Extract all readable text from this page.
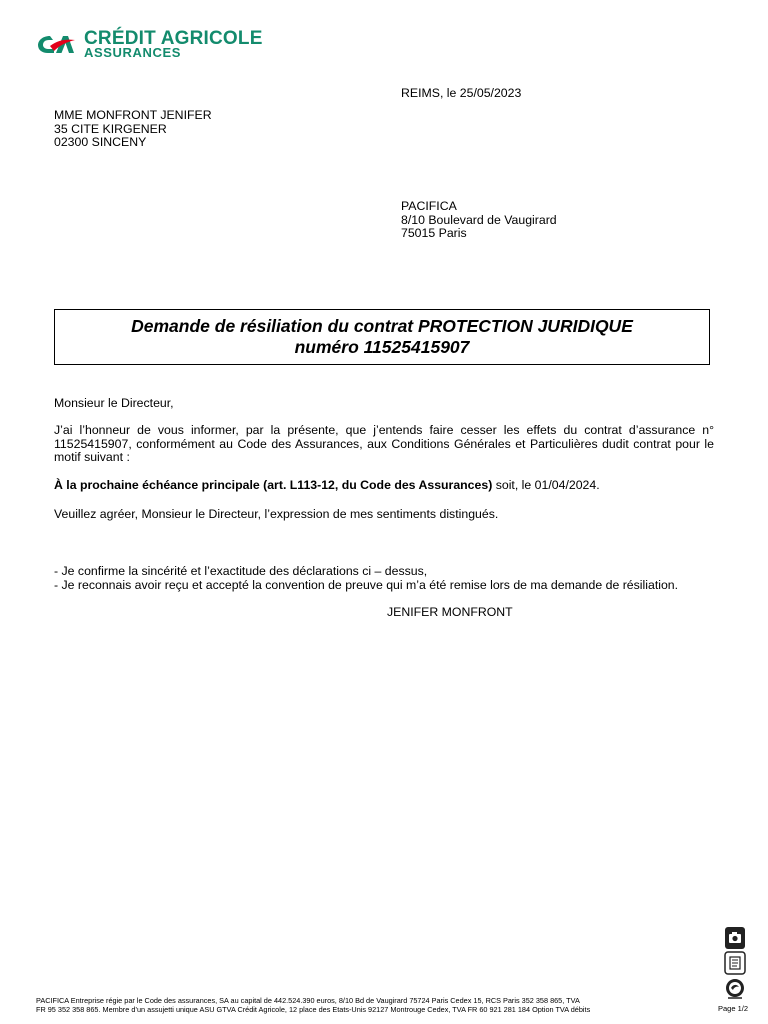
CRÉDIT AGRICOLE
ASSURANCES
REIMS, le 25/05/2023
MME MONFRONT JENIFER
35 CITE KIRGENER
02300 SINCENY
PACIFICA
8/10 Boulevard de Vaugirard
75015 Paris
Demande de résiliation du contrat PROTECTION JURIDIQUE
numéro 11525415907
Monsieur le Directeur,
J’ai l’honneur de vous informer, par la présente, que j’entends faire cesser les effets du contrat d’assurance n° 11525415907, conformément au Code des Assurances, aux Conditions Générales et Particulières dudit contrat pour le motif suivant :
À la prochaine échéance principale (art. L113-12, du Code des Assurances) soit, le 01/04/2024.
Veuillez agréer, Monsieur le Directeur, l’expression de mes sentiments distingués.
- Je confirme la sincérité et l’exactitude des déclarations ci – dessus,
- Je reconnais avoir reçu et accepté la convention de preuve qui m’a été remise lors de ma demande de résiliation.
JENIFER MONFRONT
PACIFICA Entreprise régie par le Code des assurances, SA au capital de 442.524.390 euros, 8/10 Bd de Vaugirard 75724 Paris Cedex 15, RCS Paris 352 358 865, TVA
FR 95 352 358 865. Membre d’un assujetti unique ASU GTVA Crédit Agricole, 12 place des Etats-Unis 92127 Montrouge Cedex, TVA FR 60 921 281 184 Option TVA débits	Page 1/2
